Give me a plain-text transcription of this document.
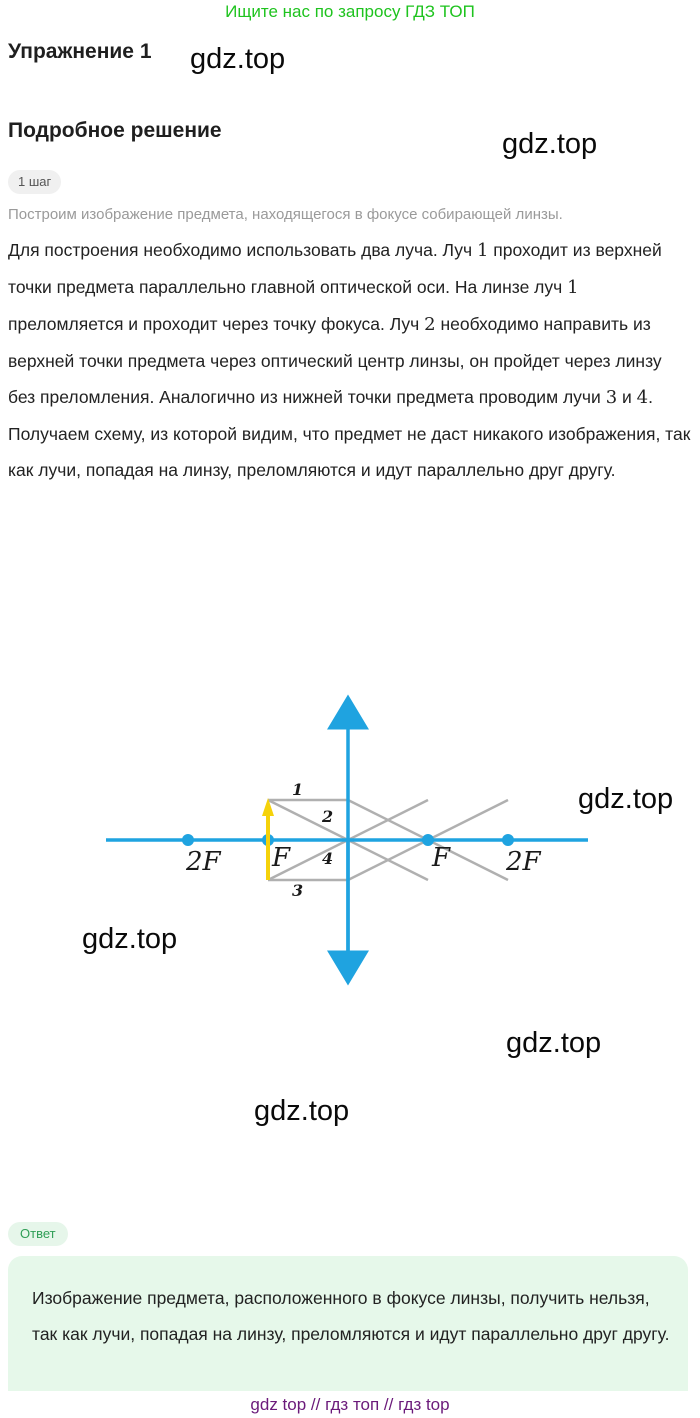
Ищите нас по запросу ГДЗ ТОП
Упражнение 1 gdz.top
Подробное решение	gdz.top
1 шаг
Построим изображение предмета, находящегося в фокусе собирающей линзы.
Для построения необходимо использовать два луча. Луч 1 проходит из верхней точки предмета параллельно главной оптической оси. На линзе луч 1 преломляется и проходит через точку фокуса. Луч 2 необходимо направить из верхней точки предмета через оптический центр линзы, он пройдет через линзу без преломления. Аналогично из нижней точки предмета проводим лучи 3 и 4. Получаем схему, из которой видим, что предмет не даст никакого изображения, так как лучи, попадая на линзу, преломляются и идут параллельно друг другу.
2F F	F 2F
1
2
4
3
gdz.top
gdz.top
gdz.top
gdz.top
Ответ
Изображение предмета, расположенного в фокусе линзы, получить нельзя, так как лучи, попадая на линзу, преломляются и идут параллельно друг другу.
gdz top // гдз топ // гдз top
